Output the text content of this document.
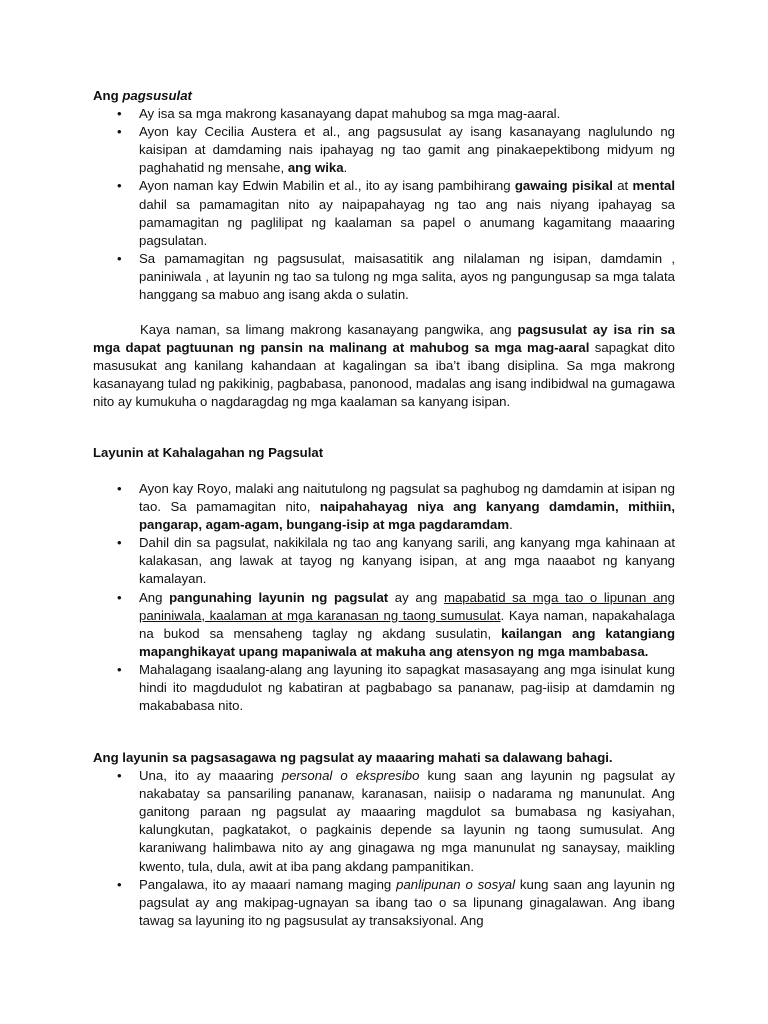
Ang pagsusulat

• Ay isa sa mga makrong kasanayang dapat mahubog sa mga mag-aaral.
• Ayon kay Cecilia Austera et al., ang pagsusulat ay isang kasanayang naglulundo ng kaisipan at damdaming nais ipahayag ng tao gamit ang pinakaepektibong midyum ng paghahatid ng mensahe, ang wika.
• Ayon naman kay Edwin Mabilin et al., ito ay isang pambihirang gawaing pisikal at mental dahil sa pamamagitan nito ay naipapahayag ng tao ang nais niyang ipahayag sa pamamagitan ng paglilipat ng kaalaman sa papel o anumang kagamitang maaaring pagsulatan.
• Sa pamamagitan ng pagsusulat, maisasatitik ang nilalaman ng isipan, damdamin , paniniwala , at layunin ng tao sa tulong ng mga salita, ayos ng pangungusap sa mga talata hanggang sa mabuo ang isang akda o sulatin.

Kaya naman, sa limang makrong kasanayang pangwika, ang pagsusulat ay isa rin sa mga dapat pagtuunan ng pansin na malinang at mahubog sa mga mag-aaral sapagkat dito masusukat ang kanilang kahandaan at kagalingan sa iba’t ibang disiplina. Sa mga makrong kasanayang tulad ng pakikinig, pagbabasa, panonood, madalas ang isang indibidwal na gumagawa nito ay kumukuha o nagdaragdag ng mga kaalaman sa kanyang isipan.

Layunin at Kahalagahan ng Pagsulat

• Ayon kay Royo, malaki ang naitutulong ng pagsulat sa paghubog ng damdamin at isipan ng tao. Sa pamamagitan nito, naipahahayag niya ang kanyang damdamin, mithiin, pangarap, agam-agam, bungang-isip at mga pagdaramdam.
• Dahil din sa pagsulat, nakikilala ng tao ang kanyang sarili, ang kanyang mga kahinaan at kalakasan, ang lawak at tayog ng kanyang isipan, at ang mga naaabot ng kanyang kamalayan.
• Ang pangunahing layunin ng pagsulat ay ang mapabatid sa mga tao o lipunan ang paniniwala, kaalaman at mga karanasan ng taong sumusulat. Kaya naman, napakahalaga na bukod sa mensaheng taglay ng akdang susulatin, kailangan ang katangiang mapanghikayat upang mapaniwala at makuha ang atensyon ng mga mambabasa.
• Mahalagang isaalang-alang ang layuning ito sapagkat masasayang ang mga isinulat kung hindi ito magdudulot ng kabatiran at pagbabago sa pananaw, pag-iisip at damdamin ng makababasa nito.

Ang layunin sa pagsasagawa ng pagsulat ay maaaring mahati sa dalawang bahagi.

• Una, ito ay maaaring personal o ekspresibo kung saan ang layunin ng pagsulat ay nakabatay sa pansariling pananaw, karanasan, naiisip o nadarama ng manunulat. Ang ganitong paraan ng pagsulat ay maaaring magdulot sa bumabasa ng kasiyahan, kalungkutan, pagkatakot, o pagkainis depende sa layunin ng taong sumusulat. Ang karaniwang halimbawa nito ay ang ginagawa ng mga manunulat ng sanaysay, maikling kwento, tula, dula, awit at iba pang akdang pampanitikan.
• Pangalawa, ito ay maaari namang maging panlipunan o sosyal kung saan ang layunin ng pagsulat ay ang makipag-ugnayan sa ibang tao o sa lipunang ginagalawan. Ang ibang tawag sa layuning ito ng pagsusulat ay transaksiyonal. Ang
